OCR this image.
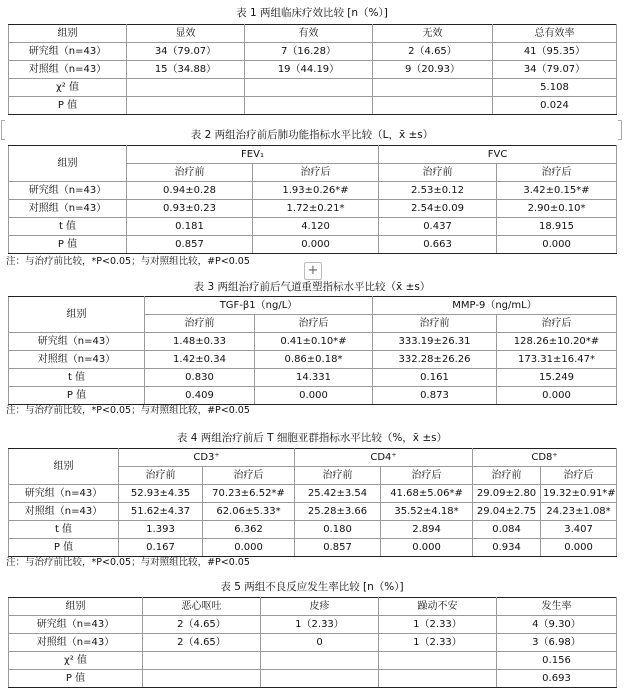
表 1 两组临床疗效比较 [n（%）]
组别	显效	有效	无效	总有效率
研究组（n=43）	34（79.07）	7（16.28）	2（4.65）	41（95.35）
对照组（n=43）	15（34.88）	19（44.19）	9（20.93）	34（79.07）
χ² 值				5.108
P 值				0.024
表 2 两组治疗前后肺功能指标水平比较（L，x̄ ±s）
组别	FEV₁		FVC	
	治疗前	治疗后	治疗前	治疗后
研究组（n=43）	0.94±0.28	1.93±0.26*#	2.53±0.12	3.42±0.15*#
对照组（n=43）	0.93±0.23	1.72±0.21*	2.54±0.09	2.90±0.10*
t 值	0.181	4.120	0.437	18.915
P 值	0.857	0.000	0.663	0.000
注：与治疗前比较，*P<0.05；与对照组比较，#P<0.05
+
表 3 两组治疗前后气道重塑指标水平比较（x̄ ±s）
组别	TGF-β1（ng/L）		MMP-9（ng/mL）	
	治疗前	治疗后	治疗前	治疗后
研究组（n=43）	1.48±0.33	0.41±0.10*#	333.19±26.31	128.26±10.20*#
对照组（n=43）	1.42±0.34	0.86±0.18*	332.28±26.26	173.31±16.47*
t 值	0.830	14.331	0.161	15.249
P 值	0.409	0.000	0.873	0.000
注：与治疗前比较，*P<0.05；与对照组比较，#P<0.05
表 4 两组治疗前后 T 细胞亚群指标水平比较（%，x̄ ±s）
组别	CD3⁺		CD4⁺		CD8⁺	
	治疗前	治疗后	治疗前	治疗后	治疗前	治疗后
研究组（n=43）	52.93±4.35	70.23±6.52*#	25.42±3.54	41.68±5.06*#	29.09±2.80	19.32±0.91*#
对照组（n=43）	51.62±4.37	62.06±5.33*	25.28±3.66	35.52±4.18*	29.04±2.75	24.23±1.08*
t 值	1.393	6.362	0.180	2.894	0.084	3.407
P 值	0.167	0.000	0.857	0.000	0.934	0.000
注：与治疗前比较，*P<0.05；与对照组比较，#P<0.05
表 5 两组不良反应发生率比较 [n（%）]
组别	恶心呕吐	皮疹	躁动不安	发生率
研究组（n=43）	2（4.65）	1（2.33）	1（2.33）	4（9.30）
对照组（n=43）	2（4.65）	0	1（2.33）	3（6.98）
χ² 值				0.156
P 值				0.693
